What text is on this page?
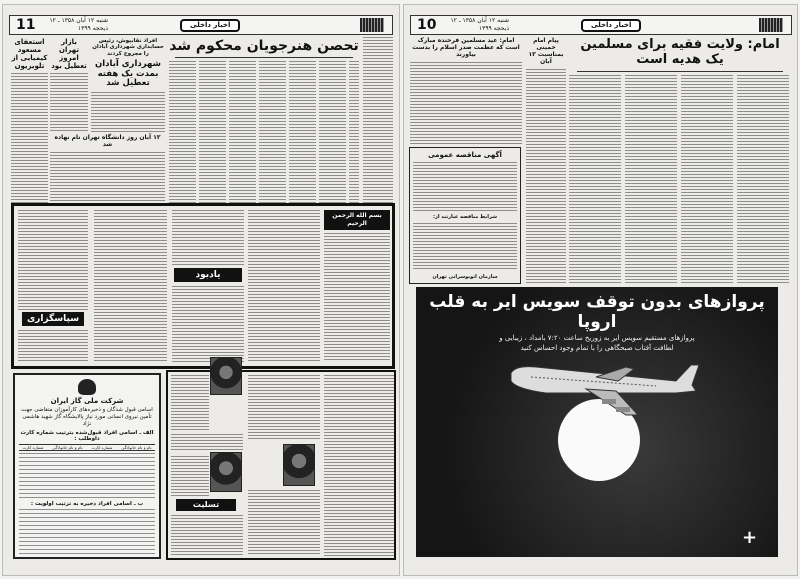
11	شنبه ۱۲ آبان ۱۳۵۸ ـ ۱۲ ذیحجه ۱۳۹۹	اخبار داخلی
تحصن هنرجویان محکوم شد
افراد نقابپوش، رئیس حسابداری شهرداری آبادان را مجروح کردند
شهرداری آبادان بمدت یک هفته تعطیل شد
بازار تهران امروز تعطیل بود
استعفای مسعود کیمیایی از تلویزیون
۱۳ آبان روز دانشگاه تهران نام نهاده شد
سپاسگزاری
یادبود
بسم الله الرحمن الرحیم
شرکت ملی گاز ایران
اسامی قبول شدگان و ذخیره‌های کارآموزان متقاضی جهت تأمین نیروی انسانی مورد نیاز پالایشگاه گاز شهید هاشمی نژاد
الف ـ اسامی افراد قبول‌شده بترتیب شماره کارت داوطلب :
نام و نام خانوادگی
شماره کارت
نام و نام خانوادگی
شماره کارت
ب ـ اسامی افراد ذخیره به ترتیب اولویت :	تسلیت
10	شنبه ۱۲ آبان ۱۳۵۸ ـ ۱۲ ذیحجه ۱۳۹۹	اخبار داخلی
امام: ولایت فقیه برای مسلمین یک هدیه است
پیام امام خمینی بمناسبت ۱۳ آبان
امام: عید مسلمین فرخنده مبارک است که عظمت صدر اسلام را بدست بیاورند
آگهی مناقصه عمومی
شرایط مناقصه عبارتند از:
سازمان اتوبوسرانی تهران
پروازهای بدون توقف سویس ایر به قلب اروپا
پروازهای مستقیم سویس ایر به زوریخ ساعت ۷:۲۰ بامداد ، زیبایی و
لطافت آفتاب صبحگاهی را با تمام وجود احساس کنید
+
